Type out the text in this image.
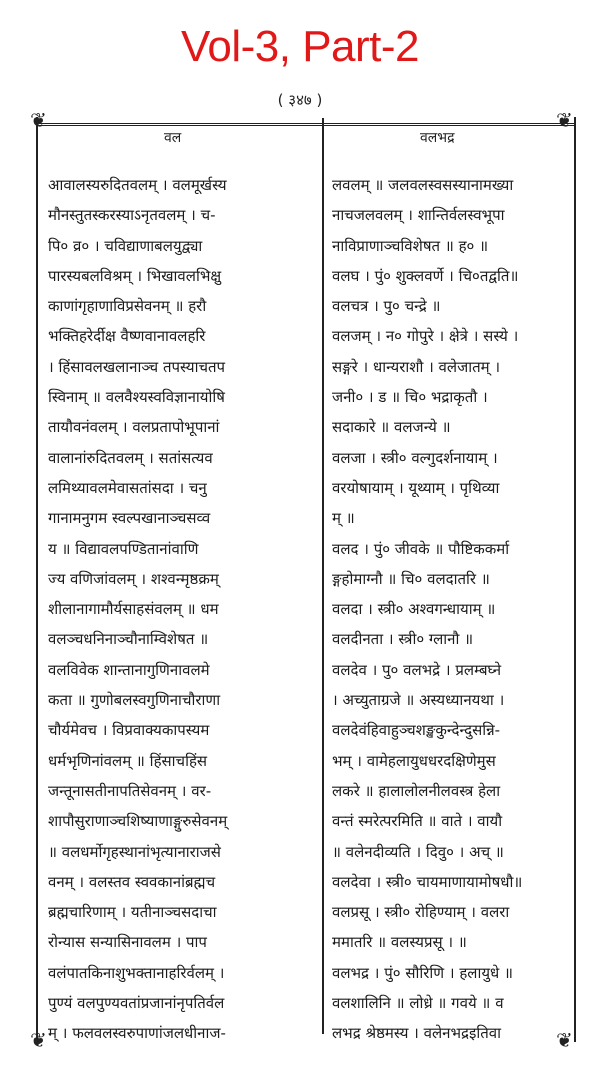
Vol-3, Part-2
( ३४७ )
❦	❦
❦	❦
वल	वलभद्र
आवालस्यरुदितवलम् । वलमूर्खस्य
मौनस्तुतस्करस्याऽनृतवलम् । च-
पि० व्र० । चविद्याणाबलयुद्व्या
पारस्यबलविश्रम् । भिखावलभिक्षु
काणांगृहाणाविप्रसेवनम् ॥ हरौ
भक्तिहरेर्दीक्ष वैष्णवानावलहरि
। हिंसावलखलानाञ्च तपस्याचतप
स्विनाम् ॥ वलवैश्यस्वविज्ञानायोषि
तायौवनंवलम् । वलप्रतापोभूपानां
वालानांरुदितवलम् । सतांसत्यव
लमिथ्यावलमेवासतांसदा । चनु
गानामनुगम स्वल्पखानाञ्चसव्व
य ॥ विद्यावलपण्डितानांवाणि
ज्य वणिजांवलम् । शश्वन्मृष्ठक्रम्
शीलानागामौर्यसाहसंवलम् ॥ धम
वलञ्चधनिनाञ्चौनाम्विशेषत ॥
वलविवेक शान्तानागुणिनावलमे
कता ॥ गुणोबलस्वगुणिनाचौराणा
चौर्यमेवच । विप्रवाक्यकापस्यम
धर्मभृणिनांवलम् ॥ हिंसाचहिंस
जन्तूनासतीनापतिसेवनम् । वर-
शापौसुराणाञ्चशिष्याणाङ्गुरुसेवनम्
॥ वलधर्मोगृहस्थानांभृत्यानाराजसे
वनम् । वलस्तव स्ववकानांब्रह्मच
ब्रह्मचारिणाम् । यतीनाञ्चसदाचा
रोन्यास सन्यासिनावलम । पाप
वलंपातकिनाशुभक्तानाहरिर्वलम् ।
पुण्यं वलपुण्यवतांप्रजानांनृपतिर्वल
म् । फलवलस्वरुपाणांजलधीनाज-
लवलम् ॥ जलवलस्वसस्यानामख्या
नाचजलवलम् । शान्तिर्वलस्वभूपा
नाविप्राणाञ्चविशेषत ॥ ह० ॥
वलघ । पुं० शुक्लवर्णे । चि०तद्वति॥
वलचत्र । पु० चन्द्रे ॥
वलजम् । न० गोपुरे । क्षेत्रे । सस्ये ।
सङ्गरे । धान्यराशौ । वलेजातम् ।
जनी० । ड ॥ चि० भद्राकृतौ ।
सदाकारे ॥ वलजन्ये ॥
वलजा । स्त्री० वल्गुदर्शनायाम् ।
वरयोषायाम् । यूथ्याम् । पृथिव्या
म् ॥
वलद । पुं० जीवके ॥ पौष्टिककर्मा
ङ्गहोमाग्नौ ॥ चि० वलदातरि ॥
वलदा । स्त्री० अश्वगन्धायाम् ॥
वलदीनता । स्त्री० ग्लानौ ॥
वलदेव । पु० वलभद्रे । प्रलम्बघ्ने
। अच्युताग्रजे ॥ अस्यध्यानयथा ।
वलदेवंहिवाहुञ्चशङ्खकुन्देन्दुसन्नि-
भम् । वामेहलायुधधरदक्षिणेमुस
लकरे ॥ हालालोलनीलवस्त्र हेला
वन्तं स्मरेत्परमिति ॥ वाते । वायौ
॥ वलेनदीव्यति । दिवु० । अच् ॥
वलदेवा । स्त्री० चायमाणायामोषधौ॥
वलप्रसू । स्त्री० रोहिण्याम् । वलरा
ममातरि ॥ वलस्यप्रसू । ॥
वलभद्र । पुं० सौरिणि । हलायुधे ॥
वलशालिनि ॥ लोध्रे ॥ गवये ॥ व
लभद्र श्रेष्ठमस्य । वलेनभद्रइतिवा
